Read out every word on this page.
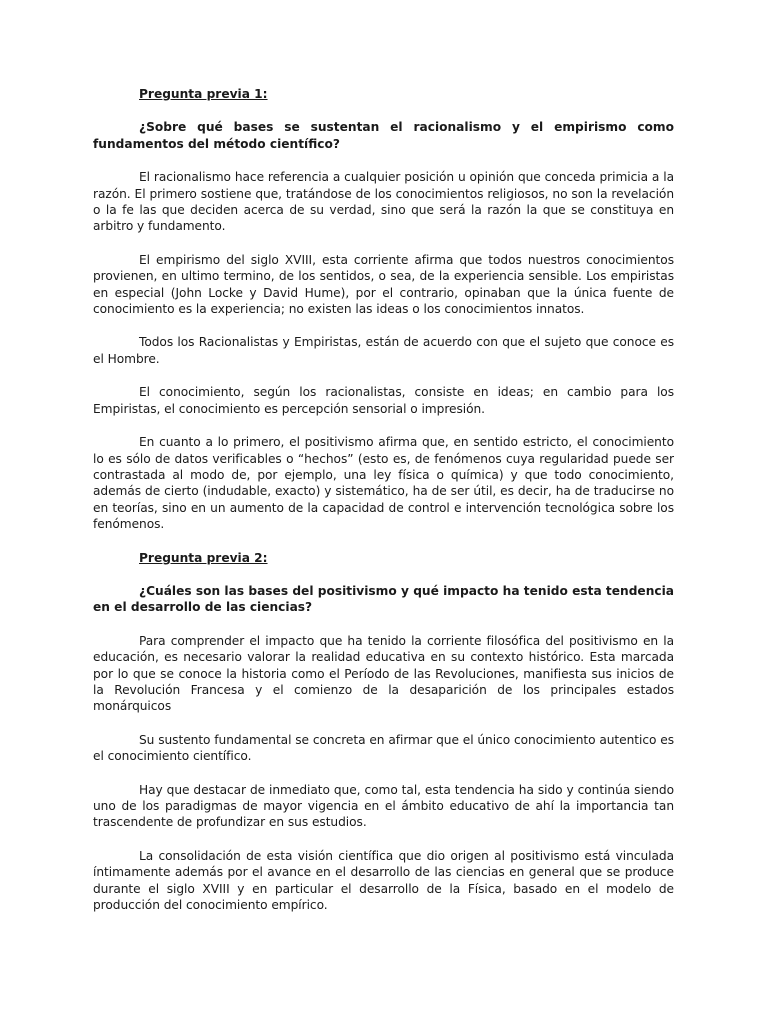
Pregunta previa 1:

¿Sobre qué bases se sustentan el racionalismo y el empirismo como fundamentos del método científico?

El racionalismo hace referencia a cualquier posición u opinión que conceda primicia a la razón. El primero sostiene que, tratándose de los conocimientos religiosos, no son la revelación o la fe las que deciden acerca de su verdad, sino que será la razón la que se constituya en arbitro y fundamento.

El empirismo del siglo XVIII, esta corriente afirma que todos nuestros conocimientos provienen, en ultimo termino, de los sentidos, o sea, de la experiencia sensible. Los empiristas en especial (John Locke y David Hume), por el contrario, opinaban que la única fuente de conocimiento es la experiencia; no existen las ideas o los conocimientos innatos.

Todos los Racionalistas y Empiristas, están de acuerdo con que el sujeto que conoce es el Hombre.

El conocimiento, según los racionalistas, consiste en ideas; en cambio para los Empiristas, el conocimiento es percepción sensorial o impresión.

En cuanto a lo primero, el positivismo afirma que, en sentido estricto, el conocimiento lo es sólo de datos verificables o “hechos” (esto es, de fenómenos cuya regularidad puede ser contrastada al modo de, por ejemplo, una ley física o química) y que todo conocimiento, además de cierto (indudable, exacto) y sistemático, ha de ser útil, es decir, ha de traducirse no en teorías, sino en un aumento de la capacidad de control e intervención tecnológica sobre los fenómenos.

Pregunta previa 2:

¿Cuáles son las bases del positivismo y qué impacto ha tenido esta tendencia en el desarrollo de las ciencias?

Para comprender el impacto que ha tenido la corriente filosófica del positivismo en la educación, es necesario valorar la realidad educativa en su contexto histórico. Esta marcada por lo que se conoce la historia como el Período de las Revoluciones, manifiesta sus inicios de la Revolución Francesa y el comienzo de la desaparición de los principales estados monárquicos

Su sustento fundamental se concreta en afirmar que el único conocimiento autentico es el conocimiento científico.

Hay que destacar de inmediato que, como tal, esta tendencia ha sido y continúa siendo uno de los paradigmas de mayor vigencia en el ámbito educativo de ahí la importancia tan trascendente de profundizar en sus estudios.

La consolidación de esta visión científica que dio origen al positivismo está vinculada íntimamente además por el avance en el desarrollo de las ciencias en general que se produce durante el siglo XVIII y en particular el desarrollo de la Física, basado en el modelo de producción del conocimiento empírico.
